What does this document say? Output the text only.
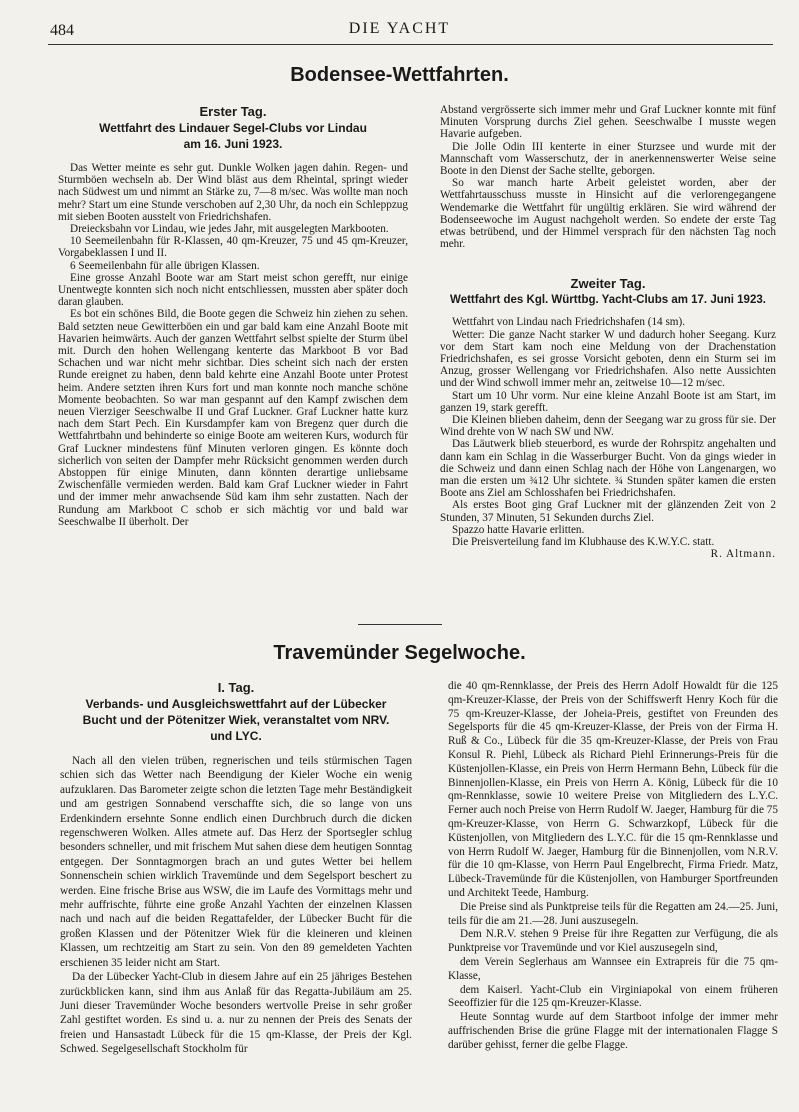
484	DIE YACHT
Bodensee-Wettfahrten.
Erster Tag.
Wettfahrt des Lindauer Segel-Clubs vor Lindau
am 16. Juni 1923.

Das Wetter meinte es sehr gut. Dunkle Wolken jagen dahin. Regen- und Sturmböen wechseln ab. Der Wind bläst aus dem Rheintal, springt wieder nach Südwest um und nimmt an Stärke zu, 7—8 m/sec. Was wollte man noch mehr? Start um eine Stunde verschoben auf 2,30 Uhr, da noch ein Schleppzug mit sieben Booten ausstelt von Friedrichshafen.

Dreiecksbahn vor Lindau, wie jedes Jahr, mit ausgelegten Markbooten.

10 Seemeilenbahn für R-Klassen, 40 qm-Kreuzer, 75 und 45 qm-Kreuzer, Vorgabeklassen I und II.

6 Seemeilenbahn für alle übrigen Klassen.

Eine grosse Anzahl Boote war am Start meist schon gerefft, nur einige Unentwegte konnten sich noch nicht entschliessen, mussten aber später doch daran glauben.

Es bot ein schönes Bild, die Boote gegen die Schweiz hin ziehen zu sehen. Bald setzten neue Gewitterböen ein und gar bald kam eine Anzahl Boote mit Havarien heimwärts. Auch der ganzen Wettfahrt selbst spielte der Sturm übel mit. Durch den hohen Wellengang kenterte das Markboot B vor Bad Schachen und war nicht mehr sichtbar. Dies scheint sich nach der ersten Runde ereignet zu haben, denn bald kehrte eine Anzahl Boote unter Protest heim. Andere setzten ihren Kurs fort und man konnte noch manche schöne Momente beobachten. So war man gespannt auf den Kampf zwischen dem neuen Vierziger Seeschwalbe II und Graf Luckner. Graf Luckner hatte kurz nach dem Start Pech. Ein Kursdampfer kam von Bregenz quer durch die Wettfahrtbahn und behinderte so einige Boote am weiteren Kurs, wodurch für Graf Luckner mindestens fünf Minuten verloren gingen. Es könnte doch sicherlich von seiten der Dampfer mehr Rücksicht genommen werden durch Abstoppen für einige Minuten, dann könnten derartige unliebsame Zwischenfälle vermieden werden. Bald kam Graf Luckner wieder in Fahrt und der immer mehr anwachsende Süd kam ihm sehr zustatten. Nach der Rundung am Markboot C schob er sich mächtig vor und bald war Seeschwalbe II überholt. Der

Abstand vergrösserte sich immer mehr und Graf Luckner konnte mit fünf Minuten Vorsprung durchs Ziel gehen. Seeschwalbe I musste wegen Havarie aufgeben.

Die Jolle Odin III kenterte in einer Sturzsee und wurde mit der Mannschaft vom Wasserschutz, der in anerkennenswerter Weise seine Boote in den Dienst der Sache stellte, geborgen.

So war manch harte Arbeit geleistet worden, aber der Wettfahrtausschuss musste in Hinsicht auf die verlorengegangene Wendemarke die Wettfahrt für ungültig erklären. Sie wird während der Bodenseewoche im August nachgeholt werden. So endete der erste Tag etwas betrübend, und der Himmel versprach für den nächsten Tag noch mehr.

Zweiter Tag.
Wettfahrt des Kgl. Württbg. Yacht-Clubs am 17. Juni 1923.

Wettfahrt von Lindau nach Friedrichshafen (14 sm).

Wetter: Die ganze Nacht starker W und dadurch hoher Seegang. Kurz vor dem Start kam noch eine Meldung von der Drachenstation Friedrichshafen, es sei grosse Vorsicht geboten, denn ein Sturm sei im Anzug, grosser Wellengang vor Friedrichshafen. Also nette Aussichten und der Wind schwoll immer mehr an, zeitweise 10—12 m/sec.

Start um 10 Uhr vorm. Nur eine kleine Anzahl Boote ist am Start, im ganzen 19, stark gerefft.

Die Kleinen blieben daheim, denn der Seegang war zu gross für sie. Der Wind drehte von W nach SW und NW.

Das Läutwerk blieb steuerbord, es wurde der Rohrspitz angehalten und dann kam ein Schlag in die Wasserburger Bucht. Von da gings wieder in die Schweiz und dann einen Schlag nach der Höhe von Langenargen, wo man die ersten um ¾12 Uhr sichtete. ¾ Stunden später kamen die ersten Boote ans Ziel am Schlosshafen bei Friedrichshafen.

Als erstes Boot ging Graf Luckner mit der glänzenden Zeit von 2 Stunden, 37 Minuten, 51 Sekunden durchs Ziel.

Spazzo hatte Havarie erlitten.

Die Preisverteilung fand im Klubhause des K.W.Y.C. statt.

R. Altmann.

Travemünder Segelwoche.
I. Tag.
Verbands- und Ausgleichswettfahrt auf der Lübecker
Bucht und der Pötenitzer Wiek, veranstaltet vom NRV.
und LYC.

Nach all den vielen trüben, regnerischen und teils stürmischen Tagen schien sich das Wetter nach Beendigung der Kieler Woche ein wenig aufzuklaren. Das Barometer zeigte schon die letzten Tage mehr Beständigkeit und am gestrigen Sonnabend verschaffte sich, die so lange von uns Erdenkindern ersehnte Sonne endlich einen Durchbruch durch die dicken regenschweren Wolken. Alles atmete auf. Das Herz der Sportsegler schlug besonders schneller, und mit frischem Mut sahen diese dem heutigen Sonntag entgegen. Der Sonntagmorgen brach an und gutes Wetter bei hellem Sonnenschein schien wirklich Travemünde und dem Segelsport beschert zu werden. Eine frische Brise aus WSW, die im Laufe des Vormittags mehr und mehr auffrischte, führte eine große Anzahl Yachten der einzelnen Klassen nach und nach auf die beiden Regattafelder, der Lübecker Bucht für die großen Klassen und der Pötenitzer Wiek für die kleineren und kleinen Klassen, um rechtzeitig am Start zu sein. Von den 89 gemeldeten Yachten erschienen 35 leider nicht am Start.

Da der Lübecker Yacht-Club in diesem Jahre auf ein 25 jähriges Bestehen zurückblicken kann, sind ihm aus Anlaß für das Regatta-Jubiläum am 25. Juni dieser Travemünder Woche besonders wertvolle Preise in sehr großer Zahl gestiftet worden. Es sind u. a. nur zu nennen der Preis des Senats der freien und Hansastadt Lübeck für die 15 qm-Klasse, der Preis der Kgl. Schwed. Segelgesellschaft Stockholm für

die 40 qm-Rennklasse, der Preis des Herrn Adolf Howaldt für die 125 qm-Kreuzer-Klasse, der Preis von der Schiffswerft Henry Koch für die 75 qm-Kreuzer-Klasse, der Joheia-Preis, gestiftet von Freunden des Segelsports für die 45 qm-Kreuzer-Klasse, der Preis von der Firma H. Ruß & Co., Lübeck für die 35 qm-Kreuzer-Klasse, der Preis von Frau Konsul R. Piehl, Lübeck als Richard Piehl Erinnerungs-Preis für die Küstenjollen-Klasse, ein Preis von Herrn Hermann Behn, Lübeck für die Binnenjollen-Klasse, ein Preis von Herrn A. König, Lübeck für die 10 qm-Rennklasse, sowie 10 weitere Preise von Mitgliedern des L.Y.C. Ferner auch noch Preise von Herrn Rudolf W. Jaeger, Hamburg für die 75 qm-Kreuzer-Klasse, von Herrn G. Schwarzkopf, Lübeck für die Küstenjollen, von Mitgliedern des L.Y.C. für die 15 qm-Rennklasse und von Herrn Rudolf W. Jaeger, Hamburg für die Binnenjollen, vom N.R.V. für die 10 qm-Klasse, von Herrn Paul Engelbrecht, Firma Friedr. Matz, Lübeck-Travemünde für die Küstenjollen, von Hamburger Sportfreunden und Architekt Teede, Hamburg.

Die Preise sind als Punktpreise teils für die Regatten am 24.—25. Juni, teils für die am 21.—28. Juni auszusegeln.

Dem N.R.V. stehen 9 Preise für ihre Regatten zur Verfügung, die als Punktpreise vor Travemünde und vor Kiel auszusegeln sind,

dem Verein Seglerhaus am Wannsee ein Extrapreis für die 75 qm-Klasse,

dem Kaiserl. Yacht-Club ein Virginiapokal von einem früheren Seeoffizier für die 125 qm-Kreuzer-Klasse.

Heute Sonntag wurde auf dem Startboot infolge der immer mehr auffrischenden Brise die grüne Flagge mit der internationalen Flagge S darüber gehisst, ferner die gelbe Flagge.
